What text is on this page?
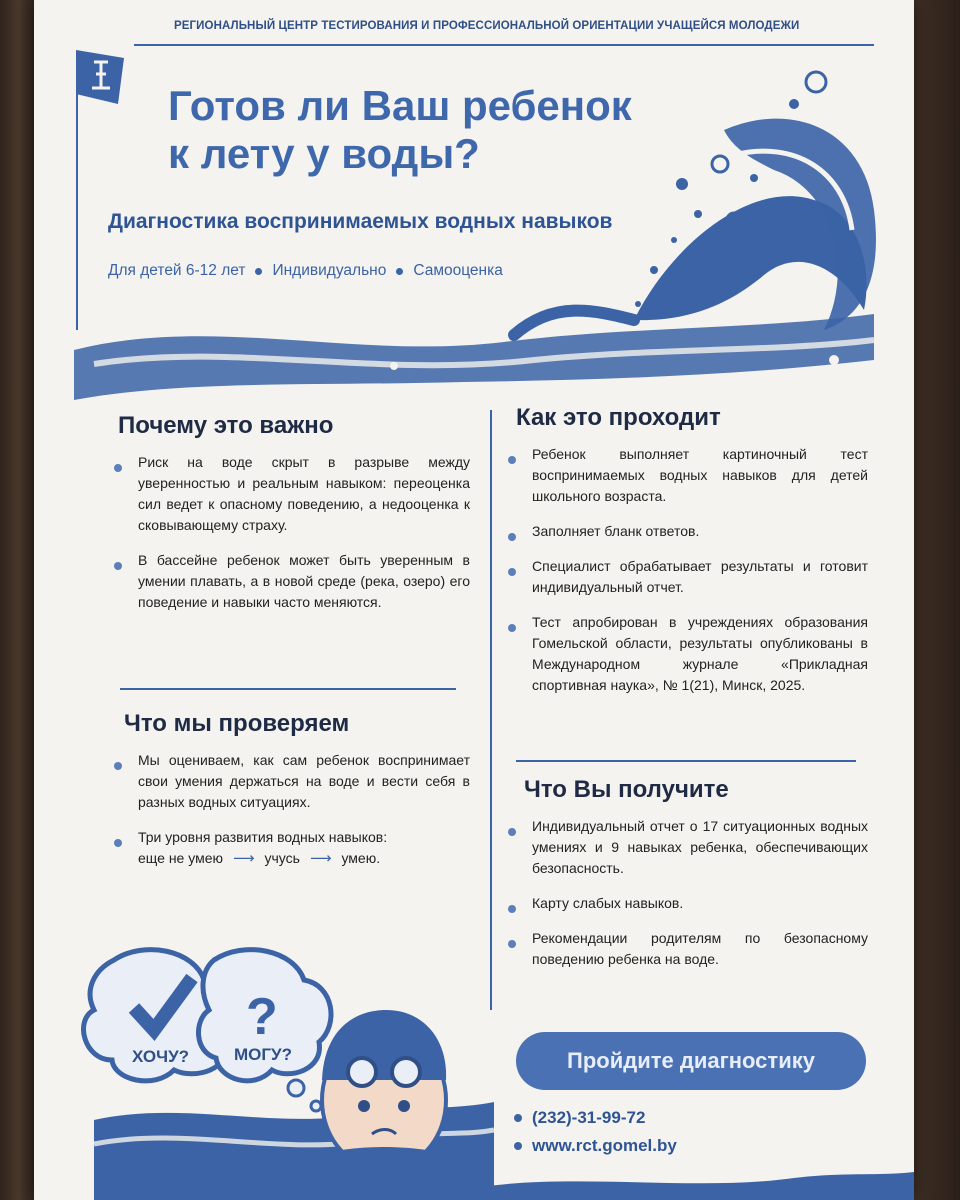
РЕГИОНАЛЬНЫЙ ЦЕНТР ТЕСТИРОВАНИЯ И ПРОФЕССИОНАЛЬНОЙ ОРИЕНТАЦИИ УЧАЩЕЙСЯ МОЛОДЕЖИ
Готов ли Ваш ребенок
к лету у воды?
Диагностика воспринимаемых водных навыков
Для детей 6-12 лет Индивидуально Самооценка
Почему это важно
Риск на воде скрыт в разрыве между уверенностью и реальным навыком: переоценка сил ведет к опасному поведению, а недооценка к сковывающему страху.
В бассейне ребенок может быть уверенным в умении плавать, а в новой среде (река, озеро) его поведение и навыки часто меняются.
Что мы проверяем
Мы оцениваем, как сам ребенок воспринимает свои умения держаться на воде и вести себя в разных водных ситуациях.
Три уровня развития водных навыков:
еще не умею ⟶ учусь ⟶ умею.
Как это проходит
Ребенок выполняет картиночный тест воспринимаемых водных навыков для детей школьного возраста.
Заполняет бланк ответов.
Специалист обрабатывает результаты и готовит индивидуальный отчет.
Тест апробирован в учреждениях образования Гомельской области, результаты опубликованы в Международном журнале «Прикладная спортивная наука», № 1(21), Минск, 2025.
Что Вы получите
Индивидуальный отчет о 17 ситуационных водных умениях и 9 навыках ребенка, обеспечивающих безопасность.
Карту слабых навыков.
Рекомендации родителям по безопасному поведению ребенка на воде.
?
ХОЧУ?	МОГУ?	Пройдите диагностику
(232)-31-99-72
www.rct.gomel.by
